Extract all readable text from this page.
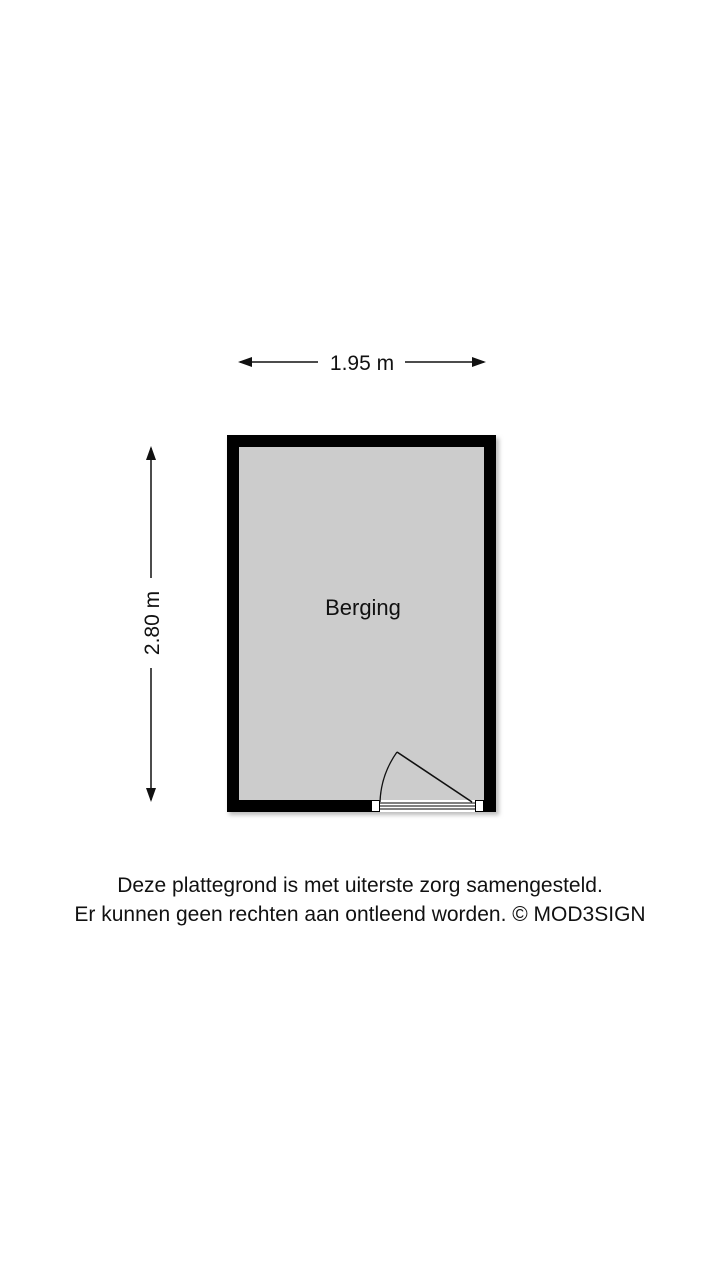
1.95 m
2.80 m	Berging
Deze plattegrond is met uiterste zorg samengesteld.
Er kunnen geen rechten aan ontleend worden. © MOD3SIGN
